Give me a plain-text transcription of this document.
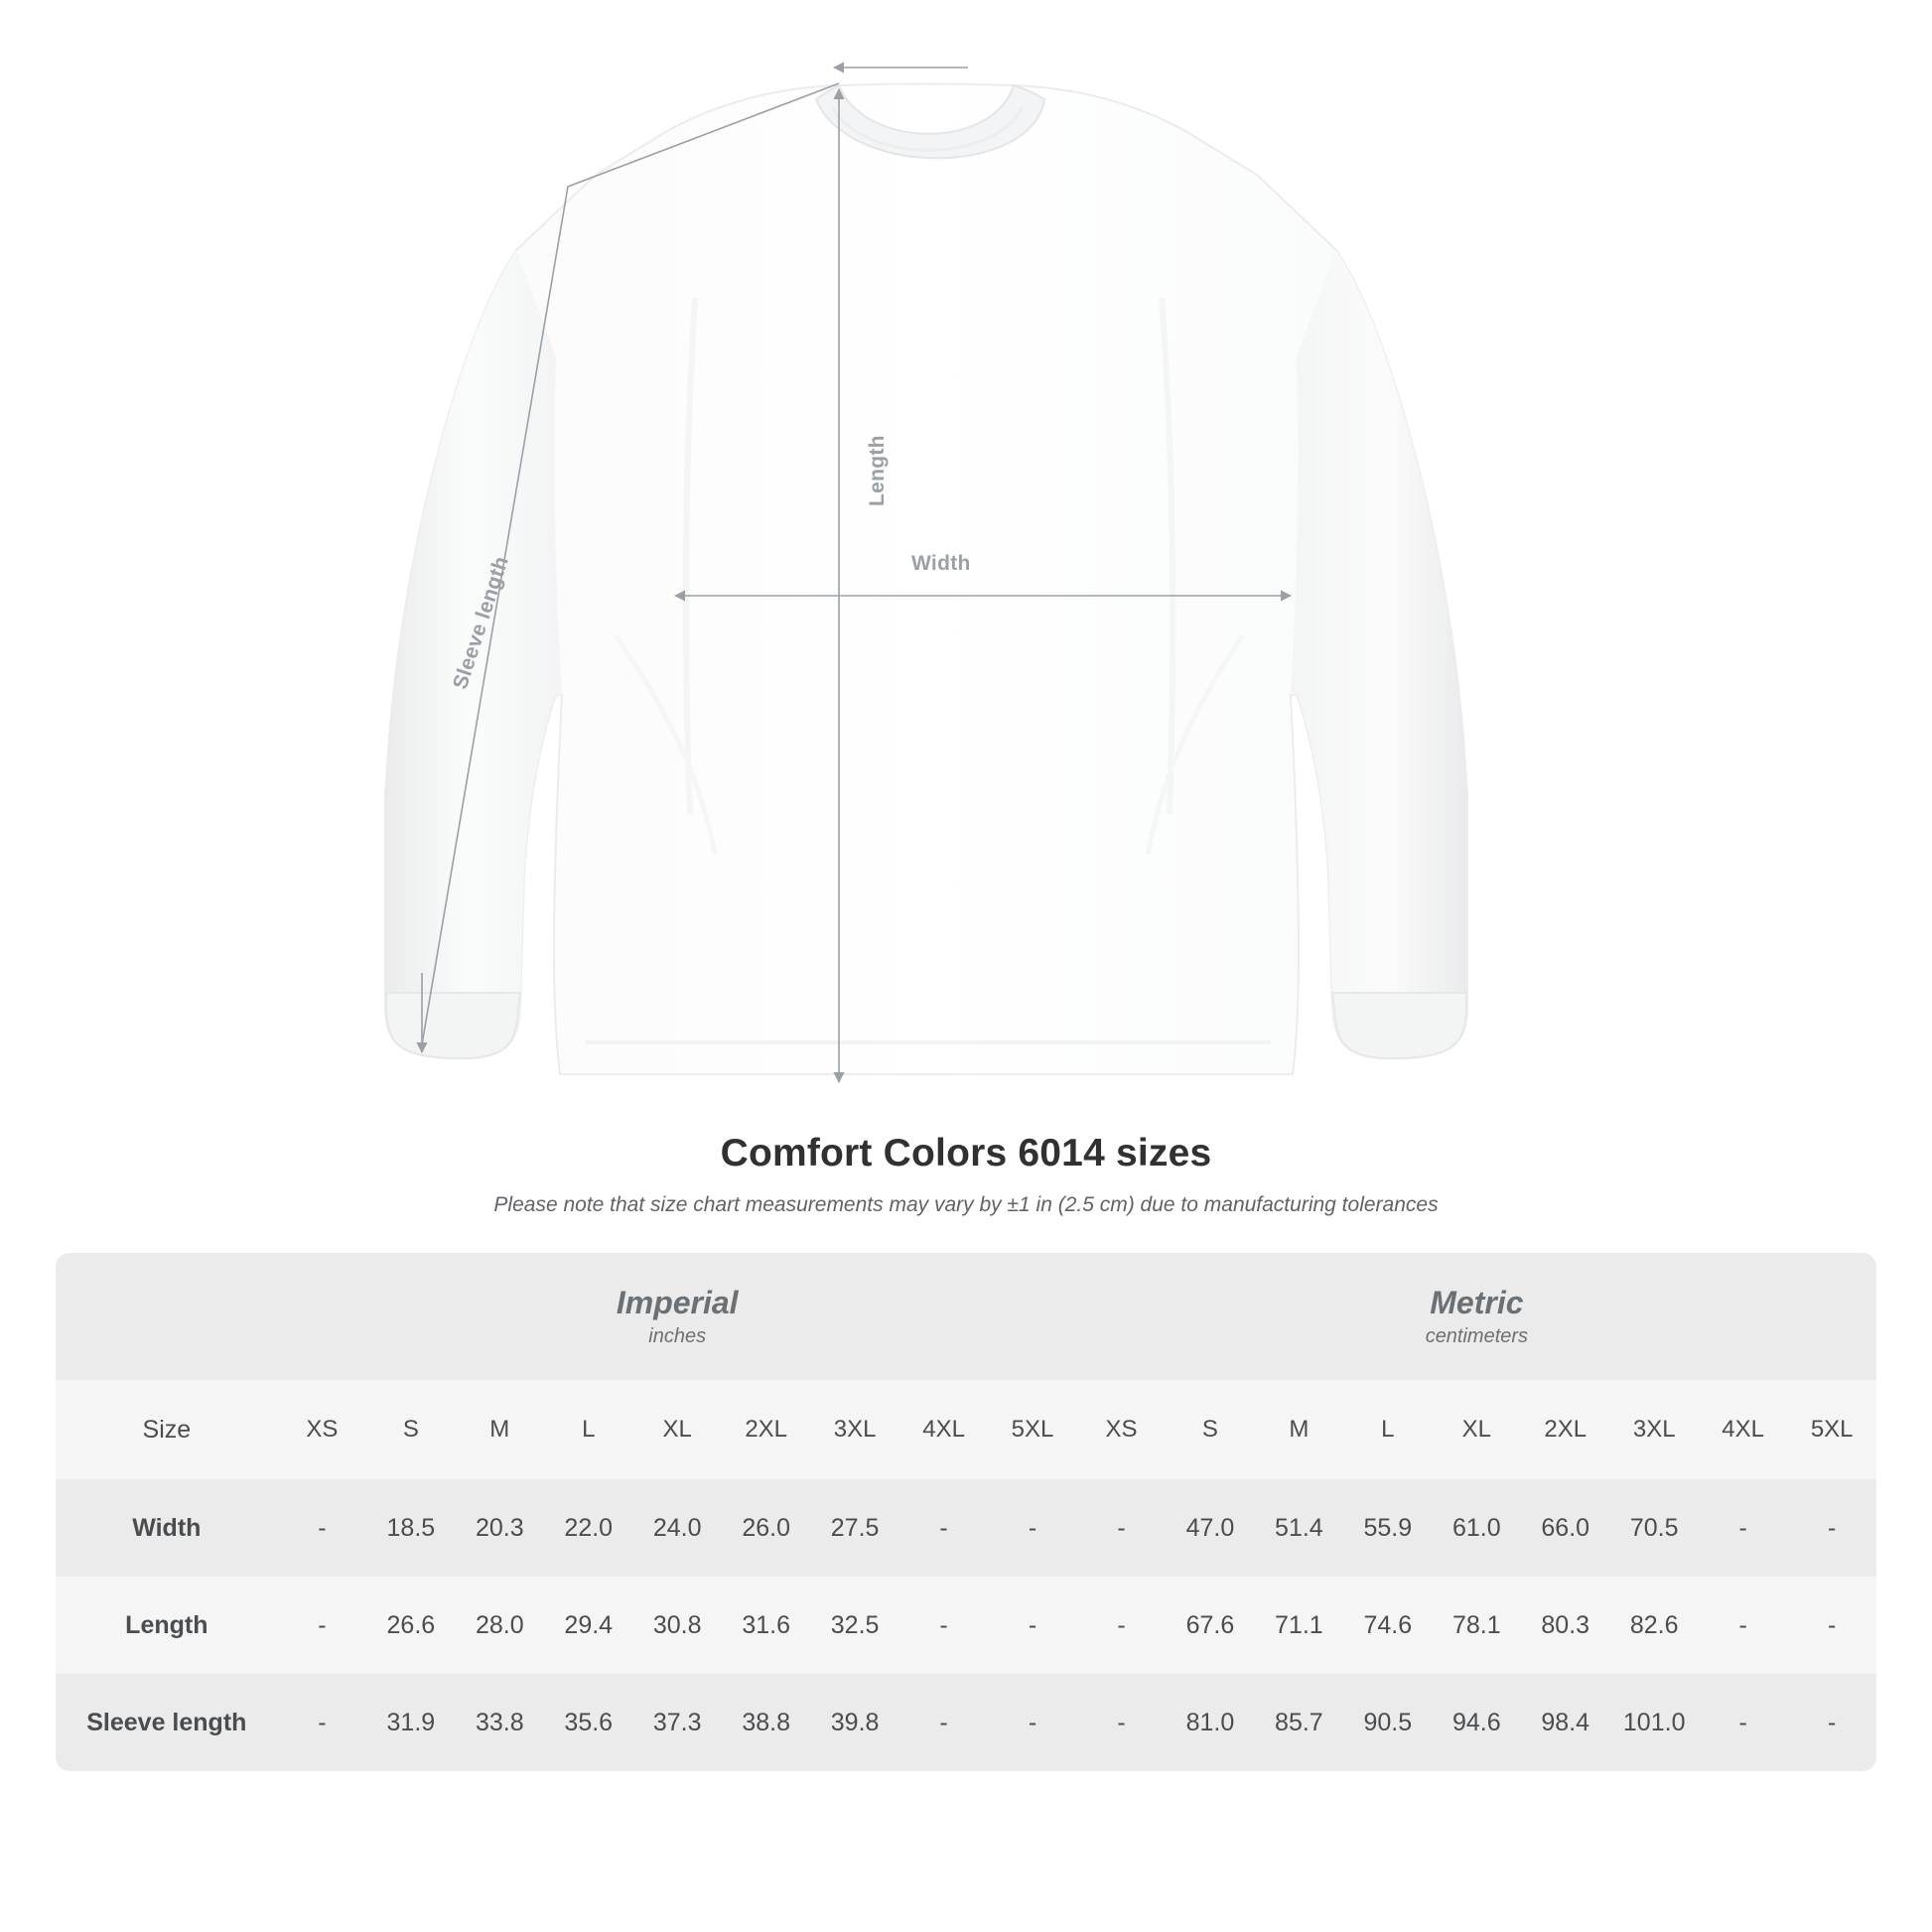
Length
Width
Sleeve length
Comfort Colors 6014 sizes
Please note that size chart measurements may vary by ±1 in (2.5 cm) due to manufacturing tolerances

Imperial
inches

Metric
centimeters

Size	XS	S	M	L	XL	2XL	3XL	4XL	5XL	XS	S	M	L	XL	2XL	3XL	4XL	5XL
Width	-	18.5	20.3	22.0	24.0	26.0	27.5	-	-	-	47.0	51.4	55.9	61.0	66.0	70.5	-	-
Length	-	26.6	28.0	29.4	30.8	31.6	32.5	-	-	-	67.6	71.1	74.6	78.1	80.3	82.6	-	-
Sleeve length	-	31.9	33.8	35.6	37.3	38.8	39.8	-	-	-	81.0	85.7	90.5	94.6	98.4	101.0	-	-
